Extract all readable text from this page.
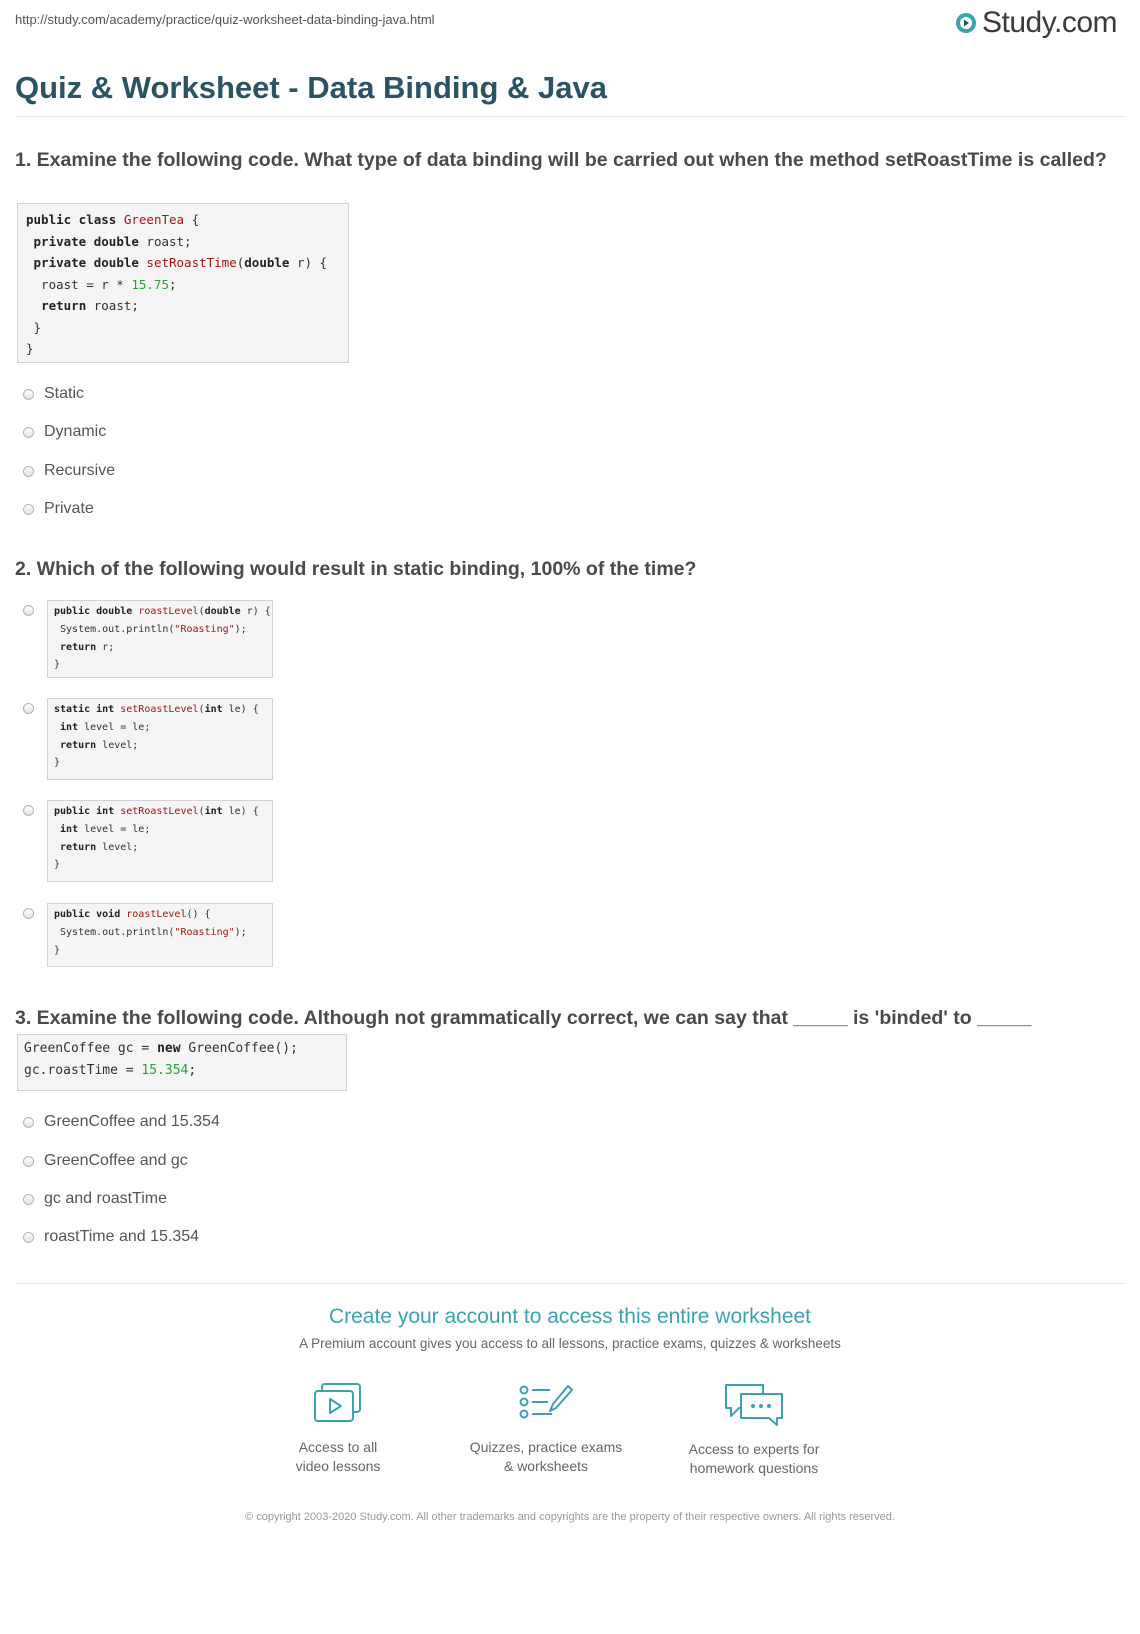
http://study.com/academy/practice/quiz-worksheet-data-binding-java.html	Study.com
Quiz & Worksheet - Data Binding & Java

1. Examine the following code. What type of data binding will be carried out when the method setRoastTime is called?

public class GreenTea {
private double roast;
private double setRoastTime(double r) {
roast = r * 15.75;
return roast;
}
}
Static
Dynamic
Recursive
Private

2. Which of the following would result in static binding, 100% of the time?

public double roastLevel(double r) {
System.out.println("Roasting");
return r;
}
static int setRoastLevel(int le) {
int level = le;
return level;
}
public int setRoastLevel(int le) {
int level = le;
return level;
}
public void roastLevel() {
System.out.println("Roasting");
}

3. Examine the following code. Although not grammatically correct, we can say that _____ is 'binded' to _____

GreenCoffee gc = new GreenCoffee();
gc.roastTime = 15.354;
GreenCoffee and 15.354
GreenCoffee and gc
gc and roastTime
roastTime and 15.354
Create your account to access this entire worksheet
A Premium account gives you access to all lessons, practice exams, quizzes & worksheets
Access to all
video lessons
Quizzes, practice exams
& worksheets
Access to experts for
homework questions
© copyright 2003-2020 Study.com. All other trademarks and copyrights are the property of their respective owners. All rights reserved.
